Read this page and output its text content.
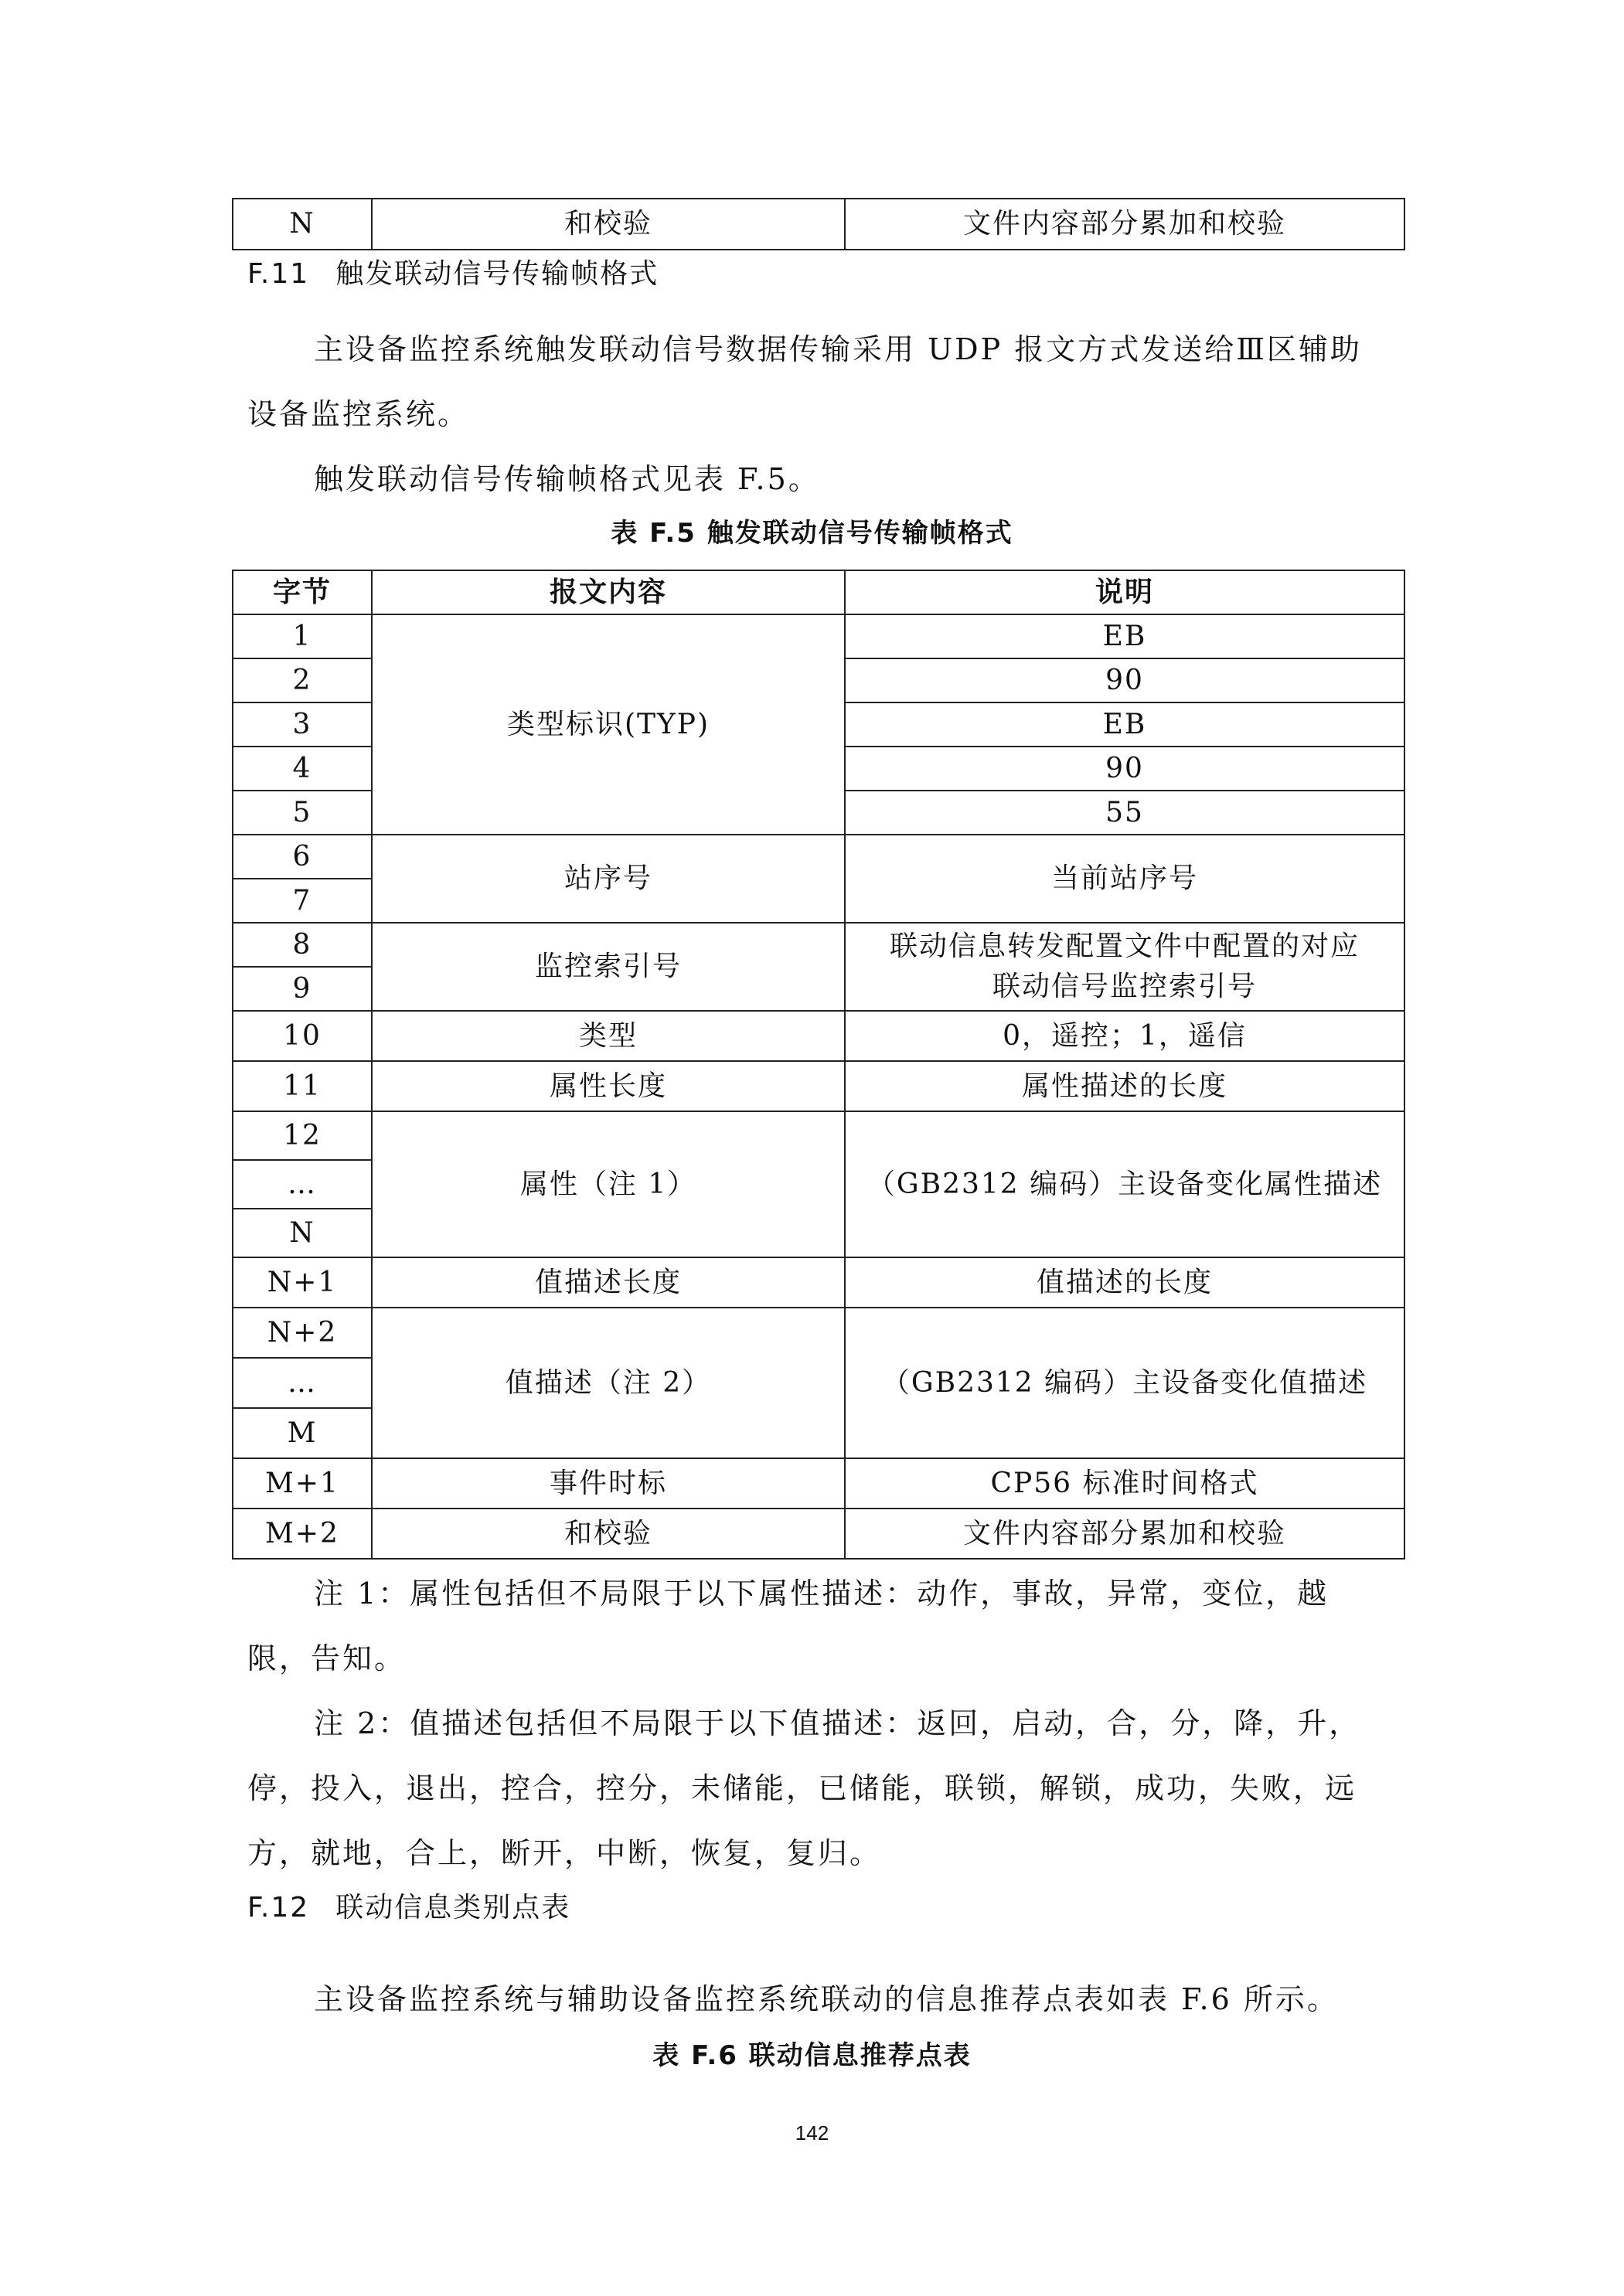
N	和校验	文件内容部分累加和校验
F.11 触发联动信号传输帧格式

主设备监控系统触发联动信号数据传输采用 UDP 报文方式发送给Ⅲ区辅助设备监控系统。

触发联动信号传输帧格式见表 F.5。

表 F.5 触发联动信号传输帧格式
字节	报文内容	说明
1	类型标识(TYP)	EB
2		90
3		EB
4		90
5		55
6	站序号	当前站序号
7		
8	监控索引号	联动信息转发配置文件中配置的对应联动信号监控索引号
9		
10	类型	0，遥控；1，遥信
11	属性长度	属性描述的长度
12	属性（注 1）	（GB2312 编码）主设备变化属性描述
…		
N		
N+1	值描述长度	值描述的长度
N+2	值描述（注 2）	（GB2312 编码）主设备变化值描述
…		
M		
M+1	事件时标	CP56 标准时间格式
M+2	和校验	文件内容部分累加和校验

注 1：属性包括但不局限于以下属性描述：动作，事故，异常，变位，越限，告知。

注 2：值描述包括但不局限于以下值描述：返回，启动，合，分，降，升，停，投入，退出，控合，控分，未储能，已储能，联锁，解锁，成功，失败，远方，就地，合上，断开，中断，恢复，复归。

F.12 联动信息类别点表

主设备监控系统与辅助设备监控系统联动的信息推荐点表如表 F.6 所示。

表 F.6 联动信息推荐点表
142
